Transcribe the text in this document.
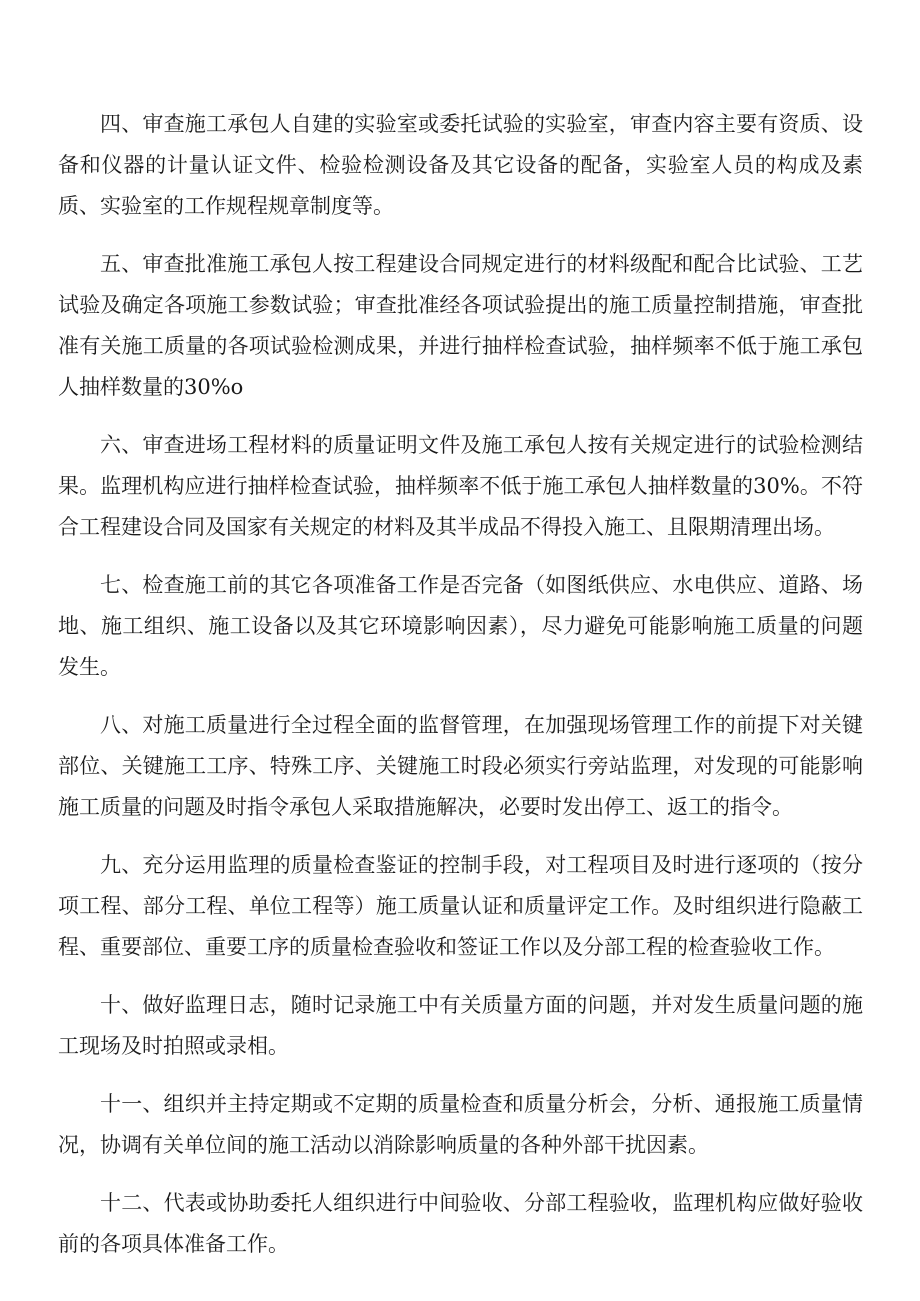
四、审查施工承包人自建的实验室或委托试验的实验室，审查内容主要有资质、设备和仪器的计量认证文件、检验检测设备及其它设备的配备，实验室人员的构成及素质、实验室的工作规程规章制度等。

五、审查批准施工承包人按工程建设合同规定进行的材料级配和配合比试验、工艺试验及确定各项施工参数试验；审查批准经各项试验提出的施工质量控制措施，审查批准有关施工质量的各项试验检测成果，并进行抽样检查试验，抽样频率不低于施工承包人抽样数量的30%o

六、审查进场工程材料的质量证明文件及施工承包人按有关规定进行的试验检测结果。监理机构应进行抽样检查试验，抽样频率不低于施工承包人抽样数量的30%。不符合工程建设合同及国家有关规定的材料及其半成品不得投入施工、且限期清理出场。

七、检查施工前的其它各项准备工作是否完备（如图纸供应、水电供应、道路、场地、施工组织、施工设备以及其它环境影响因素），尽力避免可能影响施工质量的问题发生。

八、对施工质量进行全过程全面的监督管理，在加强现场管理工作的前提下对关键部位、关键施工工序、特殊工序、关键施工时段必须实行旁站监理，对发现的可能影响施工质量的问题及时指令承包人采取措施解决，必要时发出停工、返工的指令。

九、充分运用监理的质量检查鉴证的控制手段，对工程项目及时进行逐项的（按分项工程、部分工程、单位工程等）施工质量认证和质量评定工作。及时组织进行隐蔽工程、重要部位、重要工序的质量检查验收和签证工作以及分部工程的检查验收工作。

十、做好监理日志，随时记录施工中有关质量方面的问题，并对发生质量问题的施工现场及时拍照或录相。

十一、组织并主持定期或不定期的质量检查和质量分析会，分析、通报施工质量情况，协调有关单位间的施工活动以消除影响质量的各种外部干扰因素。

十二、代表或协助委托人组织进行中间验收、分部工程验收，监理机构应做好验收前的各项具体准备工作。
